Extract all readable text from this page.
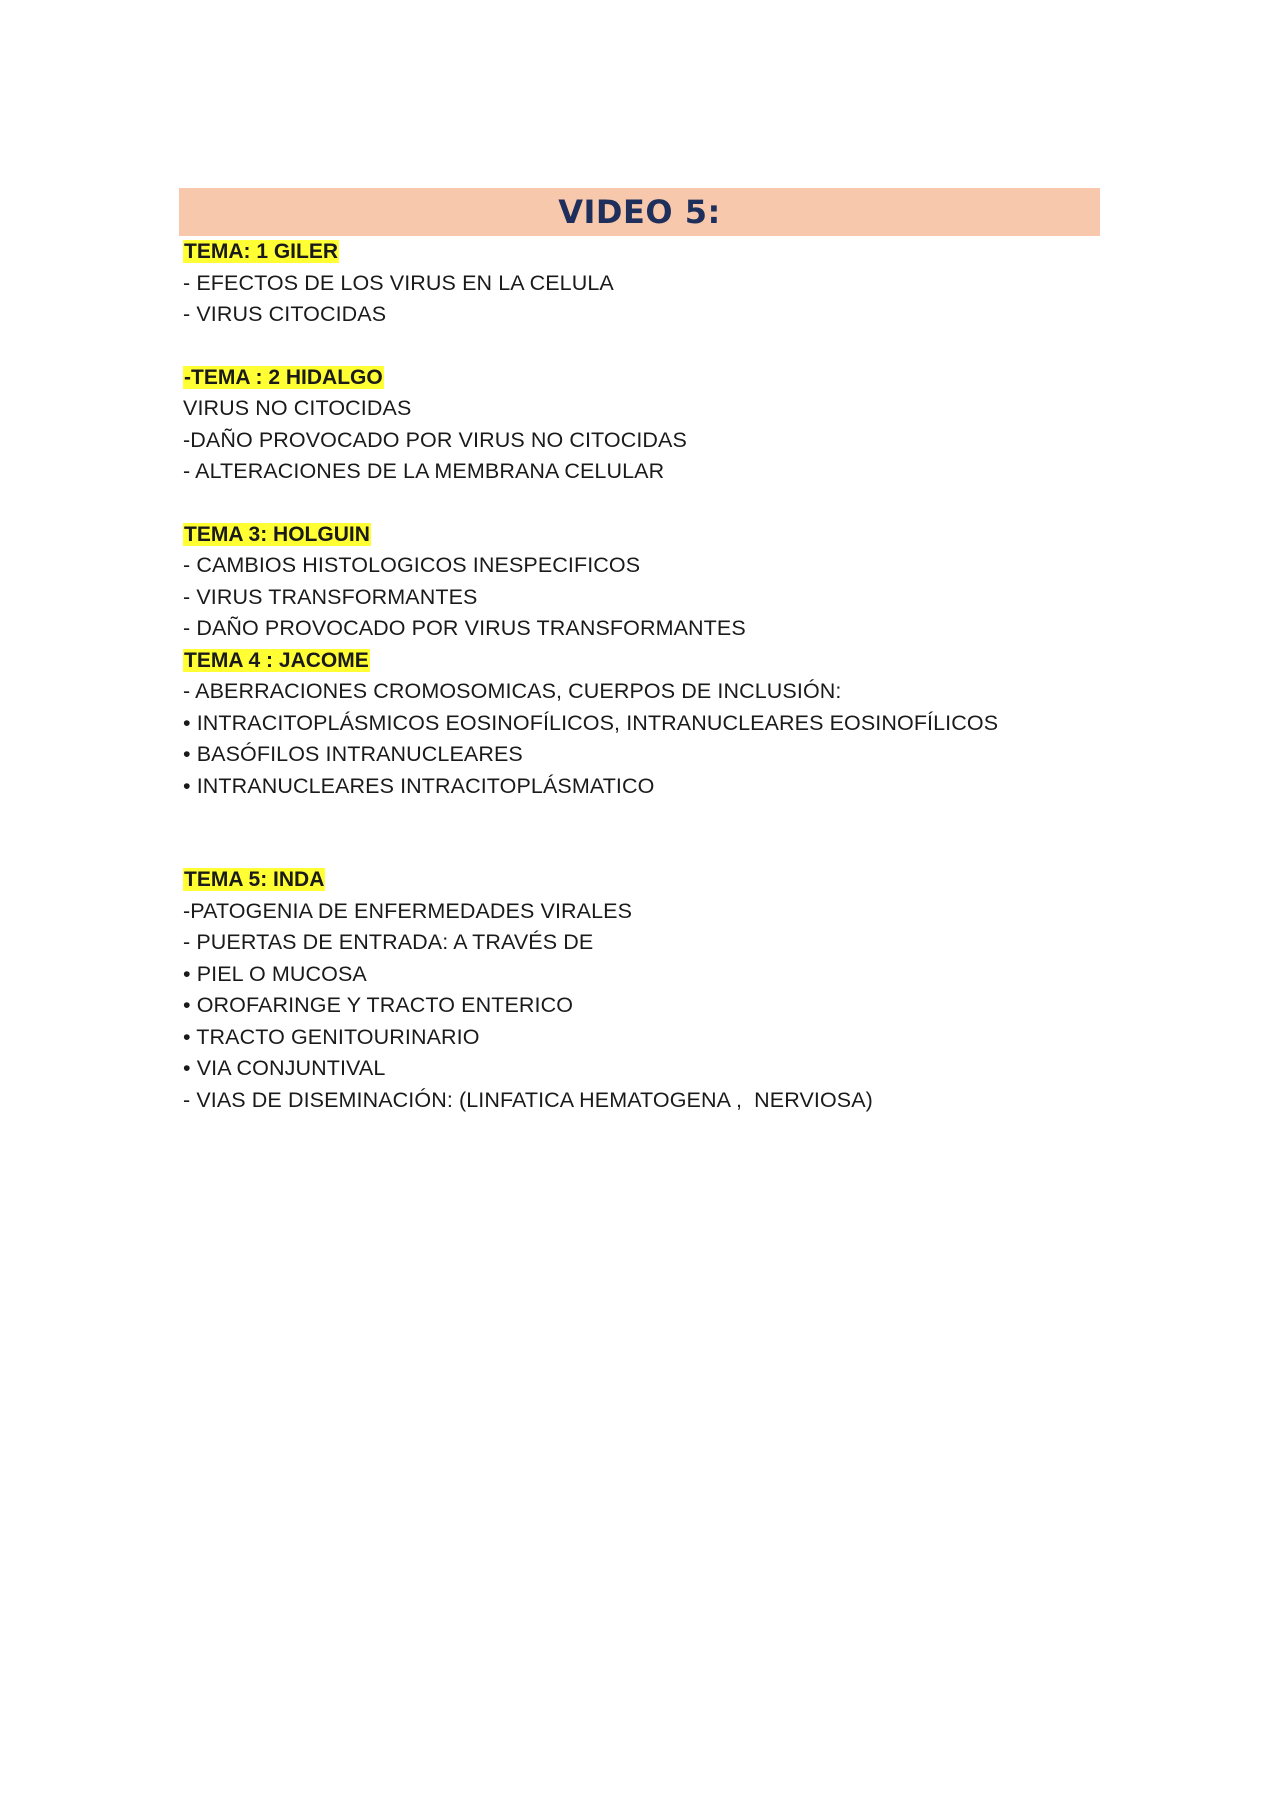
VIDEO 5:
TEMA: 1 GILER
- EFECTOS DE LOS VIRUS EN LA CELULA
- VIRUS CITOCIDAS
-TEMA : 2 HIDALGO
VIRUS NO CITOCIDAS
-DAÑO PROVOCADO POR VIRUS NO CITOCIDAS
- ALTERACIONES DE LA MEMBRANA CELULAR
TEMA 3: HOLGUIN
- CAMBIOS HISTOLOGICOS INESPECIFICOS
- VIRUS TRANSFORMANTES
- DAÑO PROVOCADO POR VIRUS TRANSFORMANTES
TEMA 4 : JACOME
- ABERRACIONES CROMOSOMICAS, CUERPOS DE INCLUSIÓN:
• INTRACITOPLÁSMICOS EOSINOFÍLICOS, INTRANUCLEARES EOSINOFÍLICOS
• BASÓFILOS INTRANUCLEARES
• INTRANUCLEARES INTRACITOPLÁSMATICO
TEMA 5: INDA
-PATOGENIA DE ENFERMEDADES VIRALES
- PUERTAS DE ENTRADA: A TRAVÉS DE
• PIEL O MUCOSA
• OROFARINGE Y TRACTO ENTERICO
• TRACTO GENITOURINARIO
• VIA CONJUNTIVAL
- VIAS DE DISEMINACIÓN: (LINFATICA HEMATOGENA ,  NERVIOSA)
